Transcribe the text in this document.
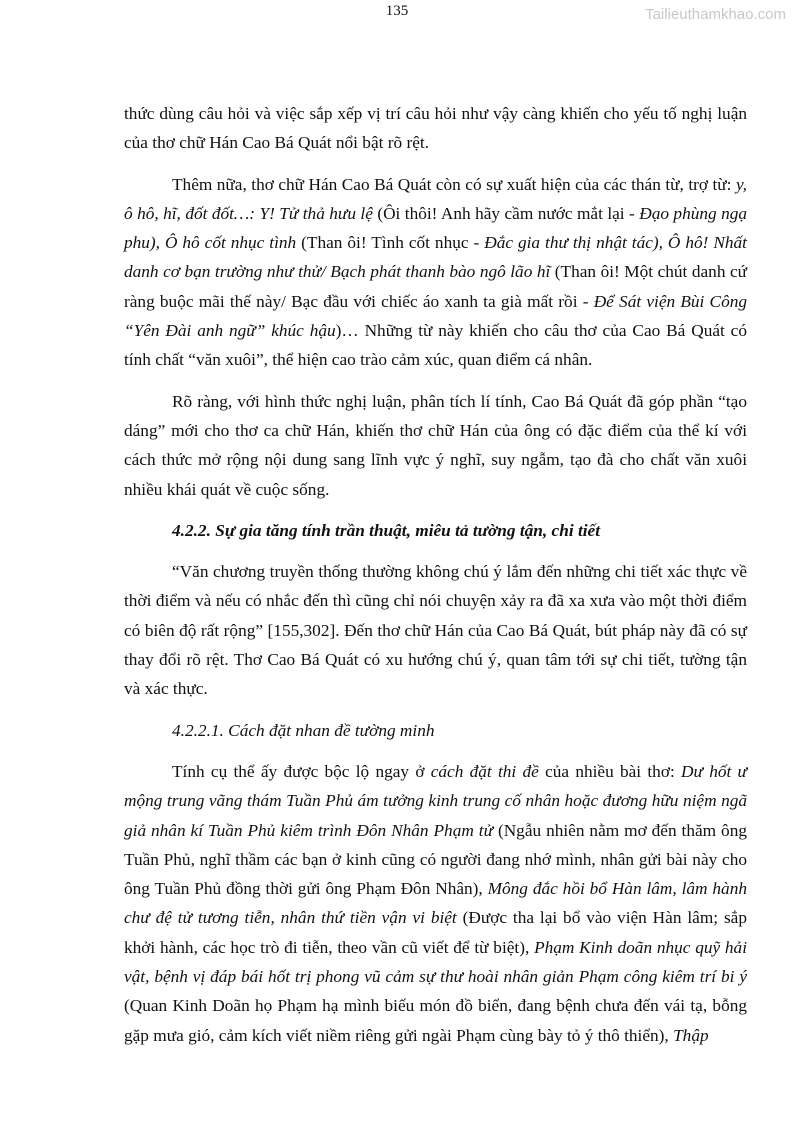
135	Tailieuthamkhao.com

thức dùng câu hỏi và việc sắp xếp vị trí câu hỏi như vậy càng khiến cho yếu tố nghị luận của thơ chữ Hán Cao Bá Quát nổi bật rõ rệt.

Thêm nữa, thơ chữ Hán Cao Bá Quát còn có sự xuất hiện của các thán từ, trợ từ: y, ô hô, hĩ, đốt đốt…: Y! Tử thả hưu lệ (Ôi thôi! Anh hãy cầm nước mắt lại - Đạo phùng ngạ phu), Ô hô cốt nhục tình (Than ôi! Tình cốt nhục - Đắc gia thư thị nhật tác), Ô hô! Nhất danh cơ bạn trường như thử/ Bạch phát thanh bào ngô lão hĩ (Than ôi! Một chút danh cứ ràng buộc mãi thế này/ Bạc đầu với chiếc áo xanh ta già mất rồi - Để Sát viện Bùi Công “Yên Đài anh ngữ” khúc hậu)… Những từ này khiến cho câu thơ của Cao Bá Quát có tính chất “văn xuôi”, thể hiện cao trào cảm xúc, quan điểm cá nhân.

Rõ ràng, với hình thức nghị luận, phân tích lí tính, Cao Bá Quát đã góp phần “tạo dáng” mới cho thơ ca chữ Hán, khiến thơ chữ Hán của ông có đặc điểm của thể kí với cách thức mở rộng nội dung sang lĩnh vực ý nghĩ, suy ngẫm, tạo đà cho chất văn xuôi nhiều khái quát về cuộc sống.

4.2.2. Sự gia tăng tính trần thuật, miêu tả tường tận, chi tiết

“Văn chương truyền thống thường không chú ý lắm đến những chi tiết xác thực về thời điểm và nếu có nhắc đến thì cũng chỉ nói chuyện xảy ra đã xa xưa vào một thời điểm có biên độ rất rộng” [155,302]. Đến thơ chữ Hán của Cao Bá Quát, bút pháp này đã có sự thay đổi rõ rệt. Thơ Cao Bá Quát có xu hướng chú ý, quan tâm tới sự chi tiết, tường tận và xác thực.

4.2.2.1. Cách đặt nhan đề tường minh

Tính cụ thể ấy được bộc lộ ngay ở cách đặt thi đề của nhiều bài thơ: Dư hốt ư mộng trung vãng thám Tuần Phủ ám tưởng kinh trung cố nhân hoặc đương hữu niệm ngã giả nhân kí Tuần Phủ kiêm trình Đôn Nhân Phạm tử (Ngẫu nhiên nằm mơ đến thăm ông Tuần Phủ, nghĩ thầm các bạn ở kinh cũng có người đang nhớ mình, nhân gửi bài này cho ông Tuần Phủ đồng thời gửi ông Phạm Đôn Nhân), Mông đắc hồi bổ Hàn lâm, lâm hành chư đệ tử tương tiễn, nhân thứ tiền vận vi biệt (Được tha lại bổ vào viện Hàn lâm; sắp khởi hành, các học trò đi tiễn, theo vần cũ viết để từ biệt), Phạm Kinh doãn nhục quỹ hải vật, bệnh vị đáp bái hốt trị phong vũ cảm sự thư hoài nhân giản Phạm công kiêm trí bi ý (Quan Kinh Doãn họ Phạm hạ mình biếu món đồ biển, đang bệnh chưa đến vái tạ, bỗng gặp mưa gió, cảm kích viết niềm riêng gửi ngài Phạm cùng bày tỏ ý thô thiển), Thập
